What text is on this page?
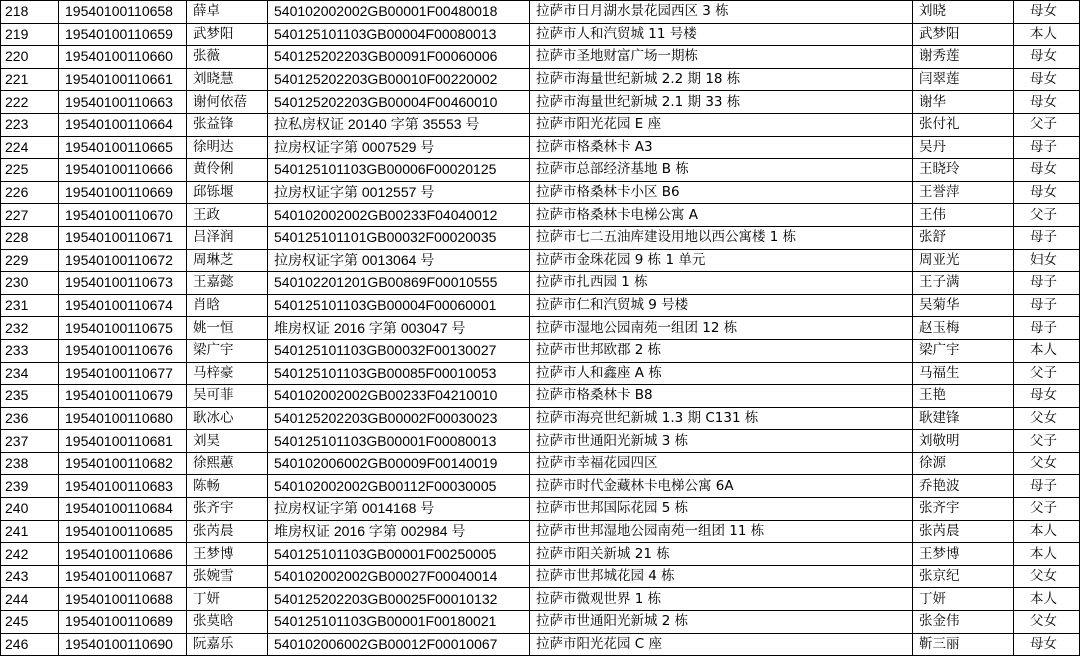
218	19540100110658	薛卓	540102002002GB00001F00480018	拉萨市日月湖水景花园西区 3 栋	刘晓	母女
219	19540100110659	武梦阳	540125101103GB00004F00080013	拉萨市人和汽贸城 11 号楼	武梦阳	本人
220	19540100110660	张薇	540125202203GB00091F00060006	拉萨市圣地财富广场一期栋	谢秀莲	母女
221	19540100110661	刘晓慧	540125202203GB00010F00220002	拉萨市海量世纪新城 2.2 期 18 栋	闫翠莲	母女
222	19540100110663	谢何依蓓	540125202203GB00004F00460010	拉萨市海量世纪新城 2.1 期 33 栋	谢华	母女
223	19540100110664	张益锋	拉私房权证 20140 字第 35553 号	拉萨市阳光花园 E 座	张付礼	父子
224	19540100110665	徐明达	拉房权证字第 0007529 号	拉萨市格桑林卡 A3	吴丹	母子
225	19540100110666	黄伶俐	540125101103GB00006F00020125	拉萨市总部经济基地 B 栋	王晓玲	母女
226	19540100110669	邱铄堰	拉房权证字第 0012557 号	拉萨市格桑林卡小区 B6	王誉萍	母女
227	19540100110670	王政	540102002002GB00233F04040012	拉萨市格桑林卡电梯公寓 A	王伟	父子
228	19540100110671	吕泽润	540125101101GB00032F00020035	拉萨市七二五油库建设用地以西公寓楼 1 栋	张舒	母子
229	19540100110672	周琳芝	拉房权证字第 0013064 号	拉萨市金珠花园 9 栋 1 单元	周亚光	妇女
230	19540100110673	王嘉懿	540102201201GB00869F00010555	拉萨市扎西园 1 栋	王子满	母子
231	19540100110674	肖晗	540125101103GB00004F00060001	拉萨市仁和汽贸城 9 号楼	吴菊华	母子
232	19540100110675	姚一恒	堆房权证 2016 字第 003047 号	拉萨市湿地公园南苑一组团 12 栋	赵玉梅	母子
233	19540100110676	梁广宇	540125101103GB00032F00130027	拉萨市世邦欧郡 2 栋	梁广宇	本人
234	19540100110677	马梓豪	540125101103GB00085F00010053	拉萨市人和鑫座 A 栋	马福生	父子
235	19540100110679	吴可菲	540102002002GB00233F04210010	拉萨市格桑林卡 B8	王艳	母女
236	19540100110680	耿冰心	540125202203GB00002F00030023	拉萨市海亮世纪新城 1.3 期 C131 栋	耿建锋	父女
237	19540100110681	刘昊	540125101103GB00001F00080013	拉萨市世通阳光新城 3 栋	刘敬明	父子
238	19540100110682	徐熙蕙	540102006002GB00009F00140019	拉萨市幸福花园四区	徐源	父女
239	19540100110683	陈畅	540102002002GB00112F00030005	拉萨市时代金藏林卡电梯公寓 6A	乔艳波	母子
240	19540100110684	张齐宇	拉房权证字第 0014168 号	拉萨市世邦国际花园 5 栋	张齐宇	父子
241	19540100110685	张芮晨	堆房权证 2016 字第 002984 号	拉萨市世邦湿地公园南苑一组团 11 栋	张芮晨	本人
242	19540100110686	王梦博	540125101103GB00001F00250005	拉萨市阳关新城 21 栋	王梦博	本人
243	19540100110687	张婉雪	540102002002GB00027F00040014	拉萨市世邦城花园 4 栋	张京纪	父女
244	19540100110688	丁妍	540125202203GB00025F00010132	拉萨市微观世界 1 栋	丁妍	本人
245	19540100110689	张莫晗	540125101103GB00001F00180021	拉萨市世通阳光新城 2 栋	张金伟	父女
246	19540100110690	阮嘉乐	540102006002GB00012F00010067	拉萨市阳光花园 C 座	靳三丽	母女
